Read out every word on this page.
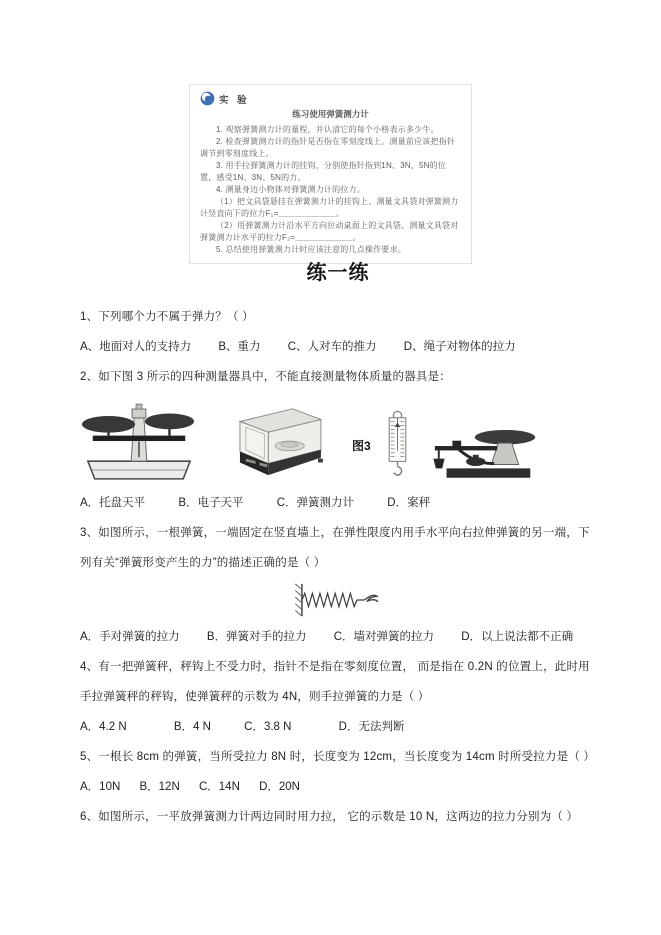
实 验
练习使用弹簧测力计

1. 观察弹簧测力计的量程，并认清它的每个小格表示多少牛。

2. 检查弹簧测力计的指针是否指在零刻度线上。测量前应该把指针调节到零刻度线上。

3. 用手拉弹簧测力计的挂钩，分别使指针指到1N、3N、5N的位置，感受1N、3N、5N的力。

4. 测量身边小物体对弹簧测力计的拉力。

（1）把文具袋悬挂在弹簧测力计的挂钩上、测量文具袋对弹簧测力计竖直向下的拉力F₁=＿＿＿＿＿＿＿。

（2）用弹簧测力计沿水平方向拉动桌面上的文具袋、测量文具袋对弹簧测力计水平的拉力F₂=＿＿＿＿＿＿＿。

5. 总结使用弹簧测力计时应该注意的几点操作要求。

练一练

1、下列哪个力不属于弹力？（ ）

A、地面对人的支持力 B、重力 C、人对车的推力 D、绳子对物体的拉力

2、如下图 3 所示的四种测量器具中，不能直接测量物体质量的器具是：

图3

A．托盘天平	B．电子天平	C．弹簧测力计	D．案秤

3、如图所示，一根弹簧，一端固定在竖直墙上，在弹性限度内用手水平向右拉伸弹簧的另一端，下列有关“弹簧形变产生的力”的描述正确的是（ ）

A．手对弹簧的拉力 B．弹簧对手的拉力 C．墙对弹簧的拉力 D．以上说法都不正确

4、有一把弹簧秤，秤钩上不受力时，指针不是指在零刻度位置， 而是指在 0.2N 的位置上，此时用手拉弹簧秤的秤钩，使弹簧秤的示数为 4N，则手拉弹簧的力是（ ）

A．4.2 N	B．4 N	C．3.8 N	D．无法判断

5、一根长 8cm 的弹簧，当所受拉力 8N 时，长度变为 12cm，当长度变为 14cm 时所受拉力是（ ）

A．10N B．12N C．14N D．20N

6、如图所示，一平放弹簧测力计两边同时用力拉， 它的示数是 10 N，这两边的拉力分别为（ ）
